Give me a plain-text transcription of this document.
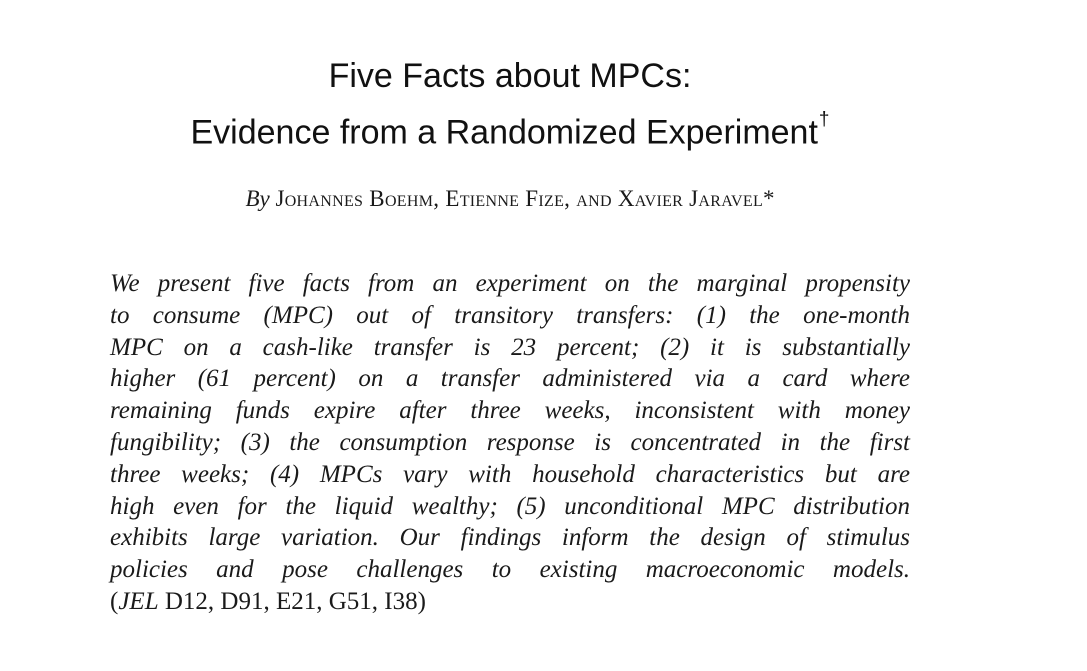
Five Facts about MPCs:
Evidence from a Randomized Experiment†
By Johannes Boehm, Etienne Fize, and Xavier Jaravel*
We present five facts from an experiment on the marginal propensity
to consume (MPC) out of transitory transfers: (1) the one-month
MPC on a cash-like transfer is 23 percent; (2) it is substantially
higher (61 percent) on a transfer administered via a card where
remaining funds expire after three weeks, inconsistent with money
fungibility; (3) the consumption response is concentrated in the first
three weeks; (4) MPCs vary with household characteristics but are
high even for the liquid wealthy; (5) unconditional MPC distribution
exhibits large variation. Our findings inform the design of stimulus
policies and pose challenges to existing macroeconomic models.
(JEL D12, D91, E21, G51, I38)
